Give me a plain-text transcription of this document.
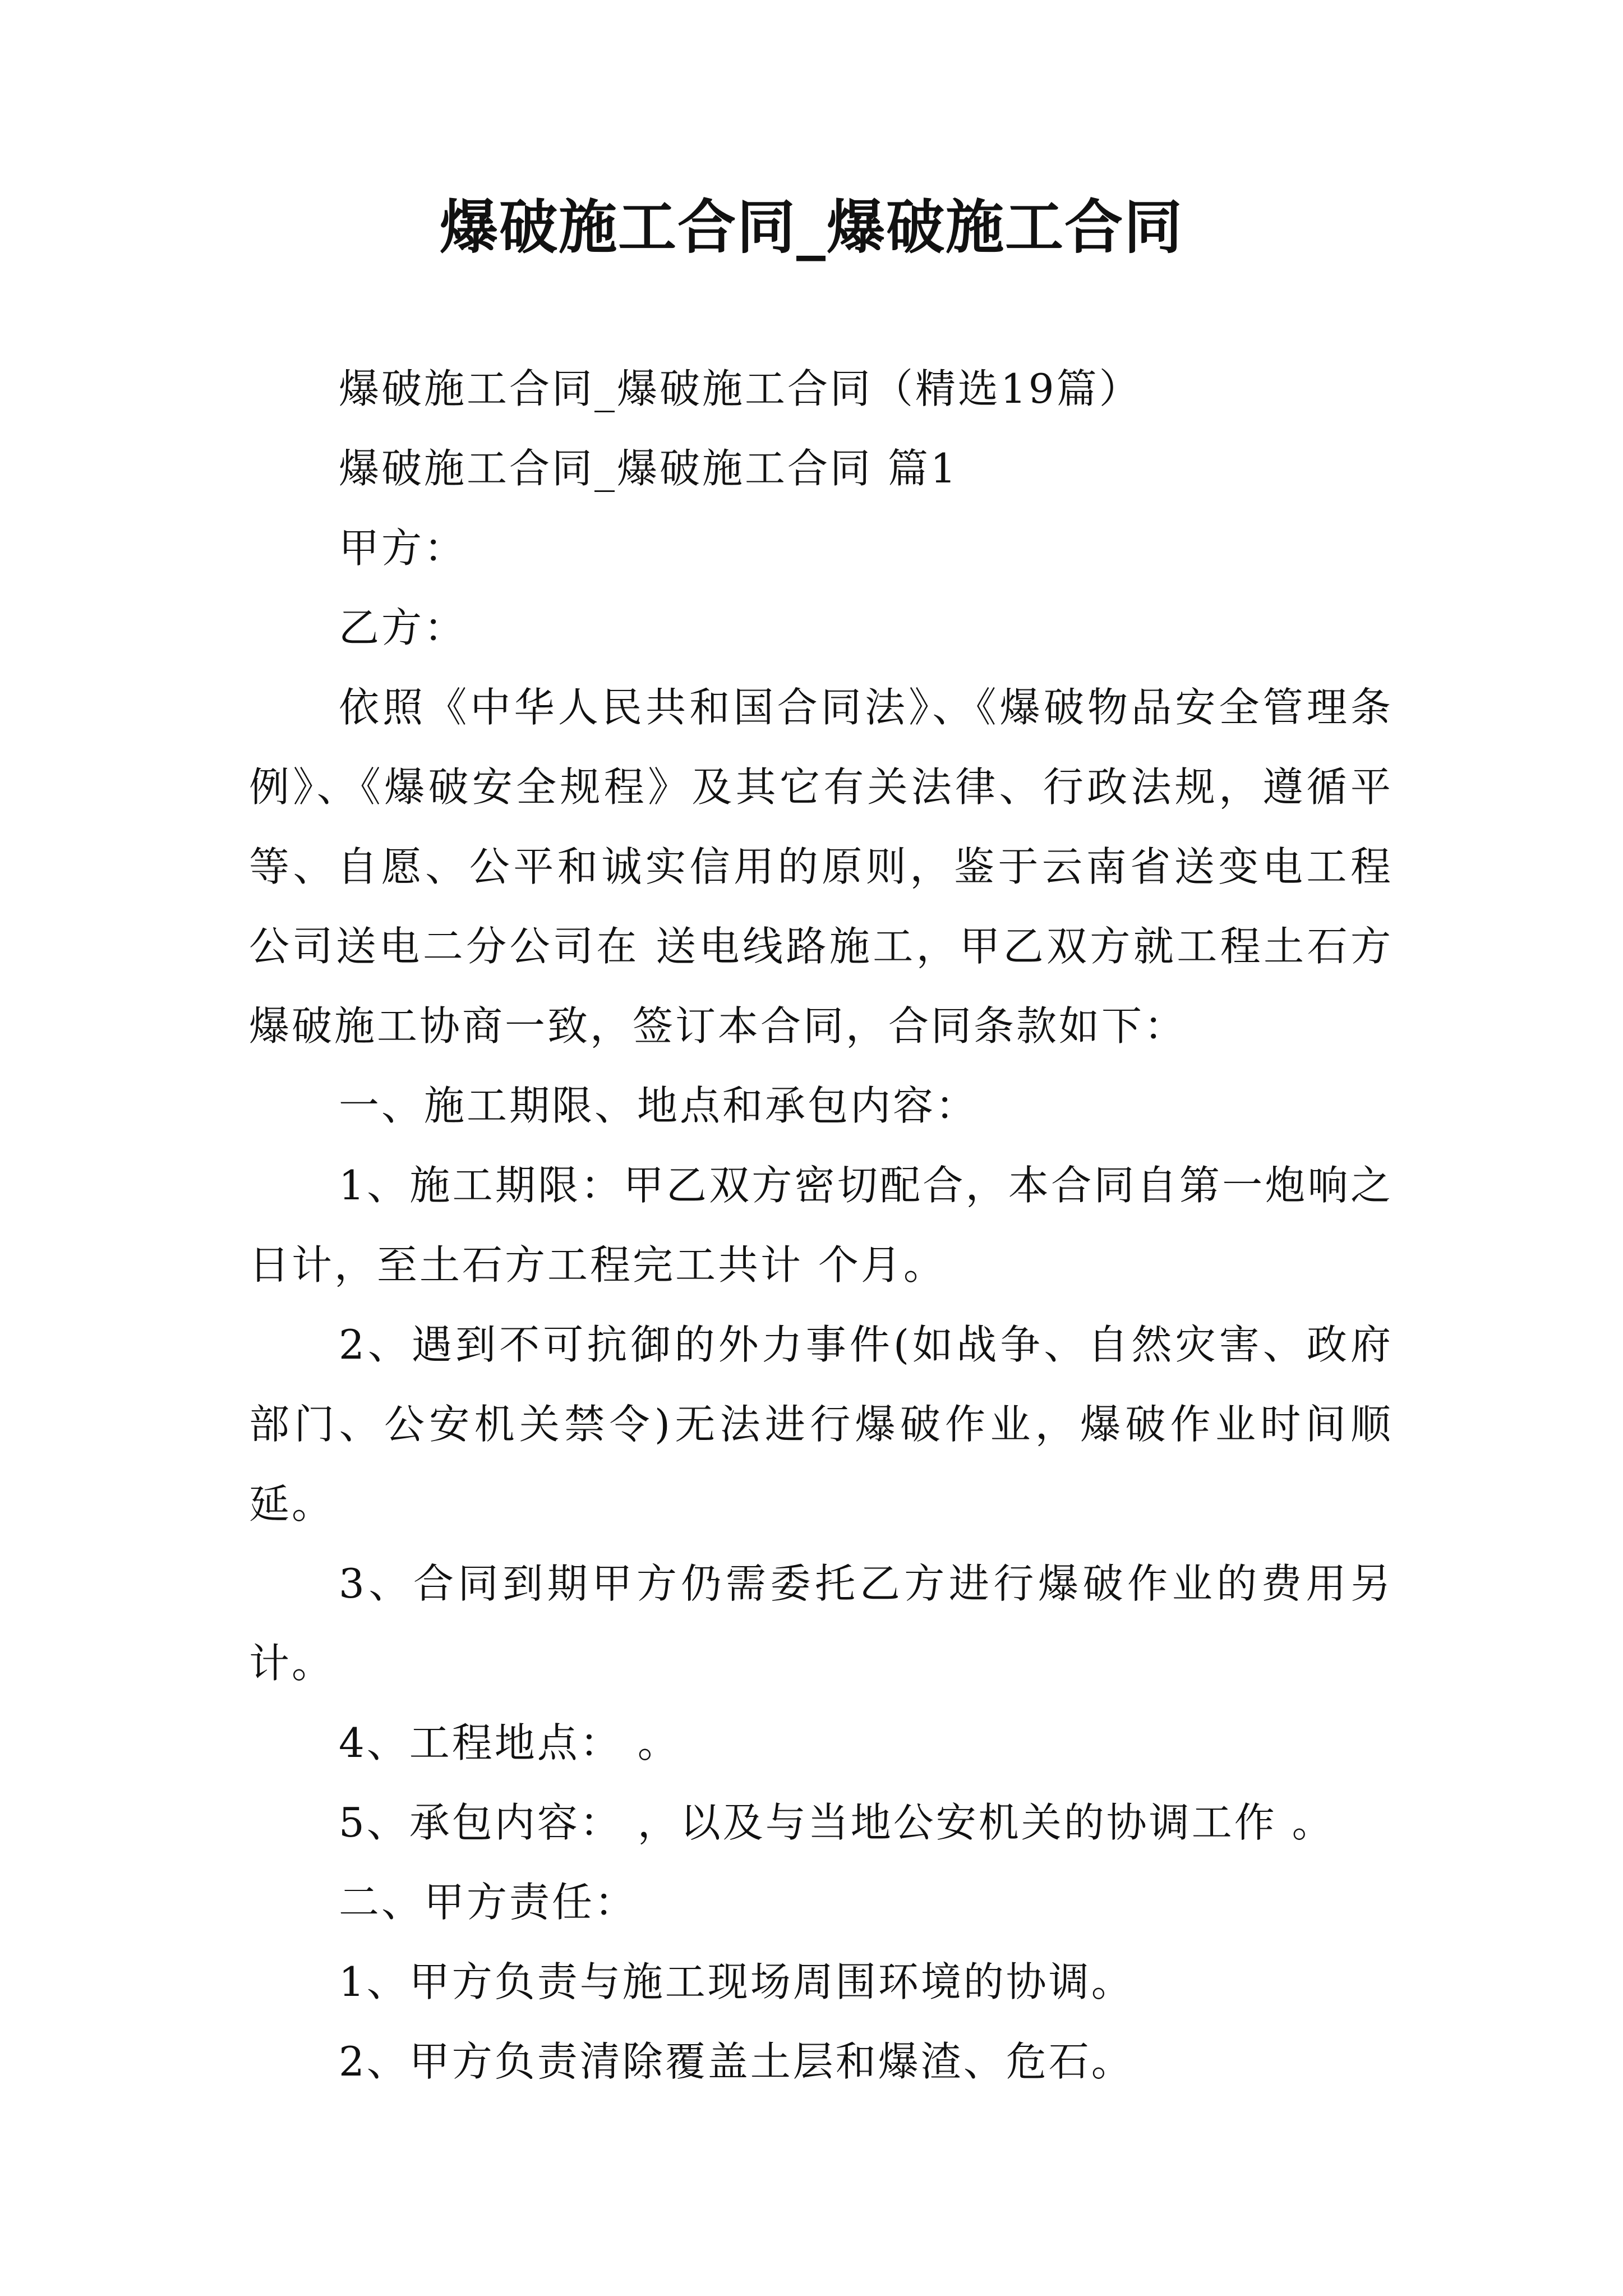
爆破施工合同_爆破施工合同

爆破施工合同_爆破施工合同（精选19篇）

爆破施工合同_爆破施工合同 篇1

甲方：

乙方：

依照《中华人民共和国合同法》、《爆破物品安全管理条例》、《爆破安全规程》及其它有关法律、行政法规，遵循平等、自愿、公平和诚实信用的原则，鉴于云南省送变电工程公司送电二分公司在 送电线路施工，甲乙双方就工程土石方爆破施工协商一致，签订本合同，合同条款如下：

一、施工期限、地点和承包内容：

1、施工期限：甲乙双方密切配合，本合同自第一炮响之日计，至土石方工程完工共计 个月。

2、遇到不可抗御的外力事件(如战争、自然灾害、政府部门、公安机关禁令)无法进行爆破作业，爆破作业时间顺延。

3、合同到期甲方仍需委托乙方进行爆破作业的费用另计。

4、工程地点： 。

5、承包内容： ，以及与当地公安机关的协调工作 。

二、甲方责任：

1、甲方负责与施工现场周围环境的协调。

2、甲方负责清除覆盖土层和爆渣、危石。
